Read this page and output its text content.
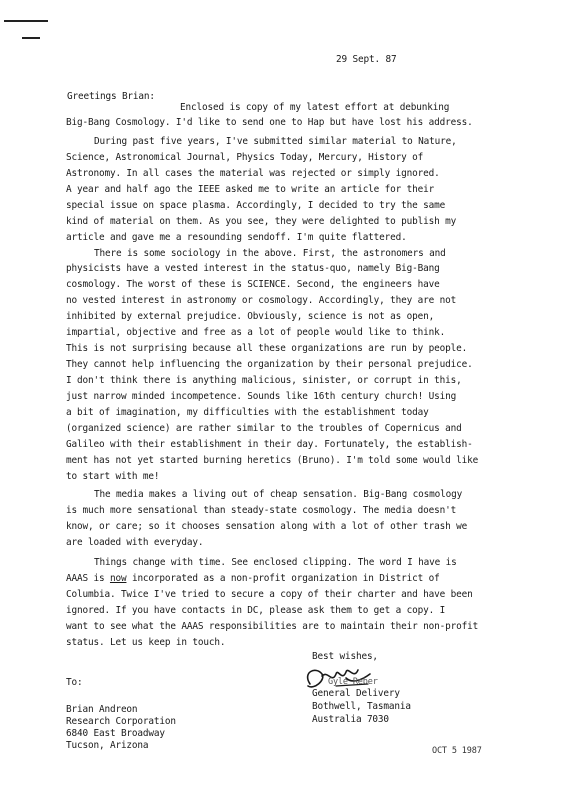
29 Sept. 87
Greetings Brian:
Enclosed is copy of my latest effort at debunking
Big-Bang Cosmology. I'd like to send one to Hap but have lost his address.
During past five years, I've submitted similar material to Nature,
Science, Astronomical Journal, Physics Today, Mercury, History of
Astronomy. In all cases the material was rejected or simply ignored.
A year and half ago the IEEE asked me to write an article for their
special issue on space plasma. Accordingly, I decided to try the same
kind of material on them. As you see, they were delighted to publish my
article and gave me a resounding sendoff. I'm quite flattered.
There is some sociology in the above. First, the astronomers and
physicists have a vested interest in the status-quo, namely Big-Bang
cosmology. The worst of these is SCIENCE. Second, the engineers have
no vested interest in astronomy or cosmology. Accordingly, they are not
inhibited by external prejudice. Obviously, science is not as open,
impartial, objective and free as a lot of people would like to think.
This is not surprising because all these organizations are run by people.
They cannot help influencing the organization by their personal prejudice.
I don't think there is anything malicious, sinister, or corrupt in this,
just narrow minded incompetence. Sounds like 16th century church! Using
a bit of imagination, my difficulties with the establishment today
(organized science) are rather similar to the troubles of Copernicus and
Galileo with their establishment in their day. Fortunately, the establish-
ment has not yet started burning heretics (Bruno). I'm told some would like
to start with me!
The media makes a living out of cheap sensation. Big-Bang cosmology
is much more sensational than steady-state cosmology. The media doesn't
know, or care; so it chooses sensation along with a lot of other trash we
are loaded with everyday.
Things change with time. See enclosed clipping. The word I have is
AAAS is now incorporated as a non-profit organization in District of
Columbia. Twice I've tried to secure a copy of their charter and have been
ignored. If you have contacts in DC, please ask them to get a copy. I
want to see what the AAAS responsibilities are to maintain their non-profit
status. Let us keep in touch.
Best wishes,
Gyle Reber
General Delivery
Bothwell, Tasmania
Australia 7030
To:
Brian Andreon
Research Corporation
6840 East Broadway
Tucson, Arizona	OCT 5 1987
